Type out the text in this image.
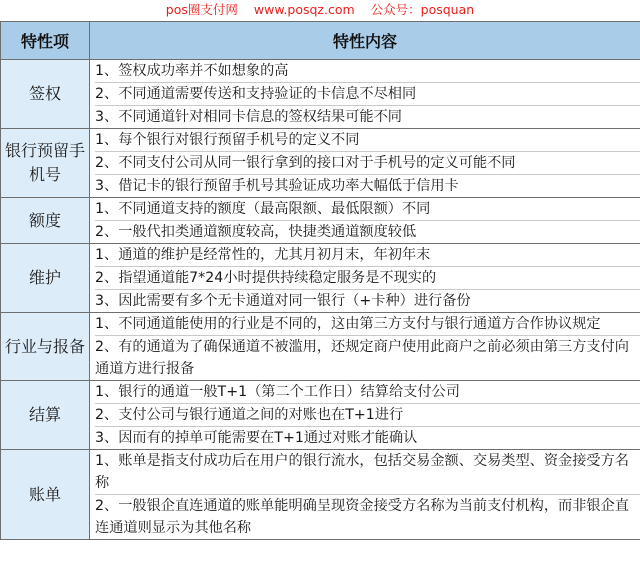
pos圈支付网 www.posqz.com 公众号：posquan
特性项	特性内容
签权	1、签权成功率并不如想象的高
2、不同通道需要传送和支持验证的卡信息不尽相同
3、不同通道针对相同卡信息的签权结果可能不同

银行预留手机号	1、每个银行对银行预留手机号的定义不同
2、不同支付公司从同一银行拿到的接口对于手机号的定义可能不同
3、借记卡的银行预留手机号其验证成功率大幅低于信用卡

额度	1、不同通道支持的额度（最高限额、最低限额）不同
2、一般代扣类通道额度较高，快捷类通道额度较低

维护	1、通道的维护是经常性的，尤其月初月末，年初年末
2、指望通道能7*24小时提供持续稳定服务是不现实的
3、因此需要有多个无卡通道对同一银行（+卡种）进行备份

行业与报备	1、不同通道能使用的行业是不同的，这由第三方支付与银行通道方合作协议规定
2、有的通道为了确保通道不被滥用，还规定商户使用此商户之前必须由第三方支付向通道方进行报备

结算	1、银行的通道一般T+1（第二个工作日）结算给支付公司
2、支付公司与银行通道之间的对账也在T+1进行
3、因而有的掉单可能需要在T+1通过对账才能确认

账单	1、账单是指支付成功后在用户的银行流水，包括交易金额、交易类型、资金接受方名称
2、一般银企直连通道的账单能明确呈现资金接受方名称为当前支付机构，而非银企直连通道则显示为其他名称
